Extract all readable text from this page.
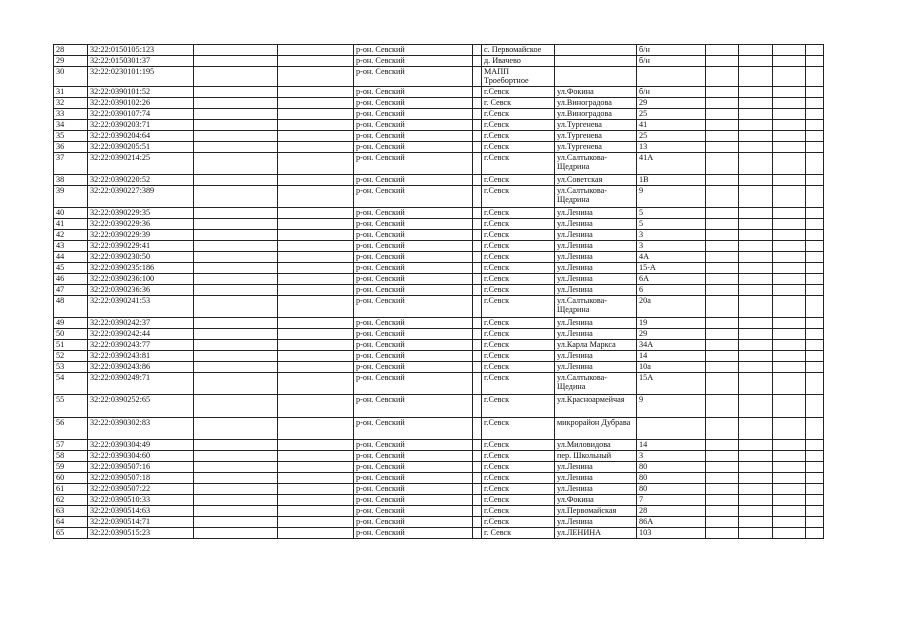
28	32:22:0150105:123			р-он. Севский		с. Первомайское		б/н				
29	32:22:0150301:37			р-он. Севский		д. Ивачево		б/н				
30	32:22:0230101:195			р-он. Севский		МАПП Троебортное						
31	32:22:0390101:52			р-он. Севский		г.Севск	ул.Фокина	б/н				
32	32:22:0390102:26			р-он. Севский		г. Севск	ул.Виноградова	29				
33	32:22:0390107:74			р-он. Севский		г.Севск	ул.Виноградова	25				
34	32:22:0390203:71			р-он. Севский		г.Севск	ул.Тургенева	41				
35	32:22:0390204:64			р-он. Севский		г.Севск	ул.Тургенева	25				
36	32:22:0390205:51			р-он. Севский		г.Севск	ул.Тургенева	13				
37	32:22:0390214:25			р-он. Севский		г.Севск	ул.Салтыкова-Щедрина	41А				
38	32:22:0390220:52			р-он. Севский		г.Севск	ул.Советская	1В				
39	32:22:0390227:389			р-он. Севский		г.Севск	ул.Салтыкова-Щедрина	9				
40	32:22:0390229:35			р-он. Севский		г.Севск	ул.Ленина	5				
41	32:22:0390229:36			р-он. Севский		г.Севск	ул.Ленина	5				
42	32:22:0390229:39			р-он. Севский		г.Севск	ул.Ленина	3				
43	32:22:0390229:41			р-он. Севский		г.Севск	ул.Ленина	3				
44	32:22:0390230:50			р-он. Севский		г.Севск	ул.Ленина	4А				
45	32:22:0390235:186			р-он. Севский		г.Севск	ул.Ленина	15-А				
46	32:22:0390236:100			р-он. Севский		г.Севск	ул.Ленина	6А				
47	32:22:0390236:36			р-он. Севский		г.Севск	ул.Ленина	6				
48	32:22:0390241:53			р-он. Севский		г.Севск	ул.Салтыкова-Щедрина	20а				
49	32:22:0390242:37			р-он. Севский		г.Севск	ул.Ленина	19				
50	32:22:0390242:44			р-он. Севский		г.Севск	ул.Ленина	29				
51	32:22:0390243:77			р-он. Севский		г.Севск	ул.Карла Маркса	34А				
52	32:22:0390243:81			р-он. Севский		г.Севск	ул.Ленина	14				
53	32:22:0390243:86			р-он. Севский		г.Севск	ул.Ленина	10а				
54	32:22:0390249:71			р-он. Севский		г.Севск	ул.Салтыкова-Щедина	15А				
55	32:22:0390252:65			р-он. Севский		г.Севск	ул.Красноармейчая	9				
56	32:22:0390302:83			р-он. Севский		г.Севск	микрорайон Дубрава					
57	32:22:0390304:49			р-он. Севский		г.Севск	ул.Миловидова	14				
58	32:22:0390304:60			р-он. Севский		г.Севск	пер. Школьный	3				
59	32:22:0390507:16			р-он. Севский		г.Севск	ул.Ленина	80				
60	32:22:0390507:18			р-он. Севский		г.Севск	ул.Ленина	80				
61	32:22:0390507:22			р-он. Севский		г.Севск	ул.Ленина	80				
62	32:22:0390510:33			р-он. Севский		г.Севск	ул.Фокина	7				
63	32:22:0390514:63			р-он. Севский		г.Севск	ул.Первомайская	28				
64	32:22:0390514:71			р-он. Севский		г.Севск	ул.Ленина	86А				
65	32:22:0390515:23			р-он. Севский		г. Севск	ул.ЛЕНИНА	103				
